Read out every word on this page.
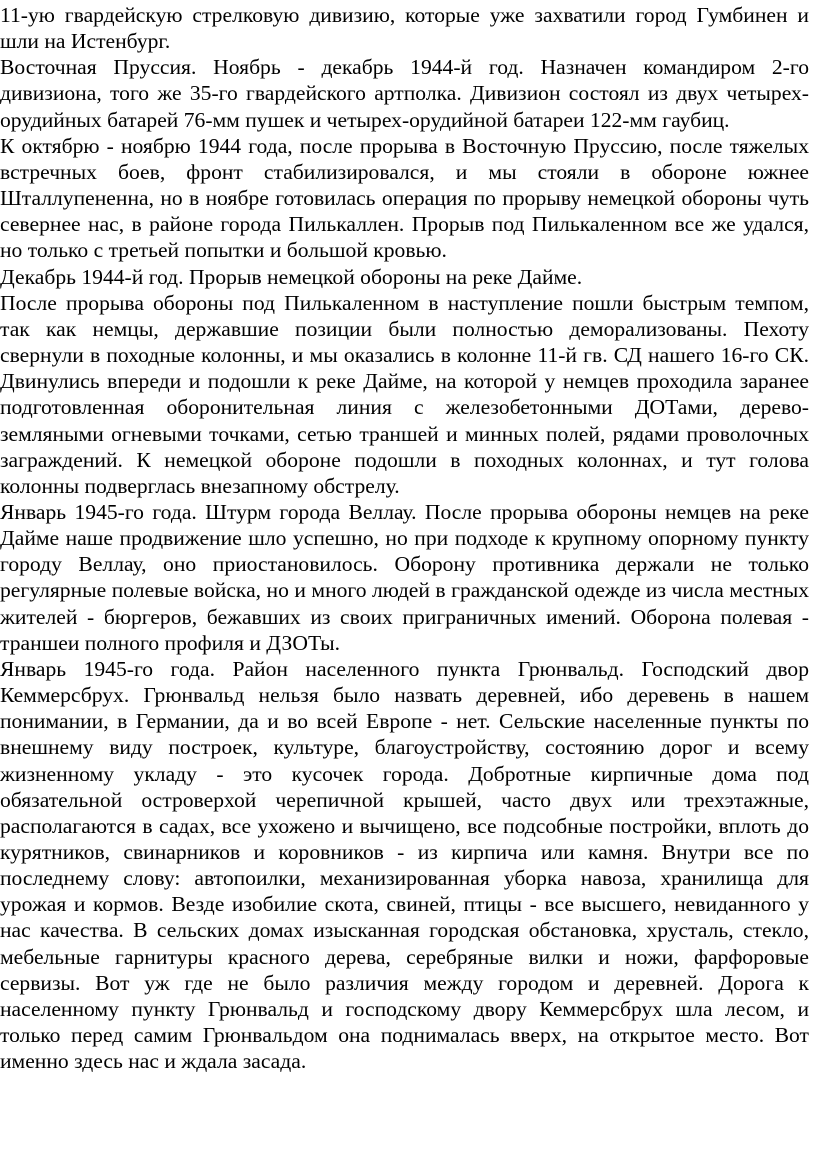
11-ую гвардейскую стрелковую дивизию, которые уже захватили город Гумбинен и шли на Истенбург.

Восточная Пруссия. Ноябрь - декабрь 1944-й год. Назначен командиром 2-го дивизиона, того же 35-го гвардейского артполка. Дивизион состоял из двух четырех-орудийных батарей 76-мм пушек и четырех-орудийной батареи 122-мм гаубиц.

К октябрю - ноябрю 1944 года, после прорыва в Восточную Пруссию, после тяжелых встречных боев, фронт стабилизировался, и мы стояли в обороне южнее Шталлупененна, но в ноябре готовилась операция по прорыву немецкой обороны чуть севернее нас, в районе города Пилькаллен. Прорыв под Пилькаленном все же удался, но только с третьей попытки и большой кровью.

Декабрь 1944-й год. Прорыв немецкой обороны на реке Дайме.

После прорыва обороны под Пилькаленном в наступление пошли быстрым темпом, так как немцы, державшие позиции были полностью деморализованы. Пехоту свернули в походные колонны, и мы оказались в колонне 11-й гв. СД нашего 16-го СК. Двинулись впереди и подошли к реке Дайме, на которой у немцев проходила заранее подготовленная оборонительная линия с железобетонными ДОТами, дерево-земляными огневыми точками, сетью траншей и минных полей, рядами проволочных заграждений. К немецкой обороне подошли в походных колоннах, и тут голова колонны подверглась внезапному обстрелу.

Январь 1945-го года. Штурм города Веллау. После прорыва обороны немцев на реке Дайме наше продвижение шло успешно, но при подходе к крупному опорному пункту городу Веллау, оно приостановилось. Оборону противника держали не только регулярные полевые войска, но и много людей в гражданской одежде из числа местных жителей - бюргеров, бежавших из своих приграничных имений. Оборона полевая - траншеи полного профиля и ДЗОТы.

Январь 1945-го года. Район населенного пункта Грюнвальд. Господский двор Кеммерсбрух. Грюнвальд нельзя было назвать деревней, ибо деревень в нашем понимании, в Германии, да и во всей Европе - нет. Сельские населенные пункты по внешнему виду построек, культуре, благоустройству, состоянию дорог и всему жизненному укладу - это кусочек города. Добротные кирпичные дома под обязательной островерхой черепичной крышей, часто двух или трехэтажные, располагаются в садах, все ухожено и вычищено, все подсобные постройки, вплоть до курятников, свинарников и коровников - из кирпича или камня. Внутри все по последнему слову: автопоилки, механизированная уборка навоза, хранилища для урожая и кормов. Везде изобилие скота, свиней, птицы - все высшего, невиданного у нас качества. В сельских домах изысканная городская обстановка, хрусталь, стекло, мебельные гарнитуры красного дерева, серебряные вилки и ножи, фарфоровые сервизы. Вот уж где не было различия между городом и деревней. Дорога к населенному пункту Грюнвальд и господскому двору Кеммерсбрух шла лесом, и только перед самим Грюнвальдом она поднималась вверх, на открытое место. Вот именно здесь нас и ждала засада.
